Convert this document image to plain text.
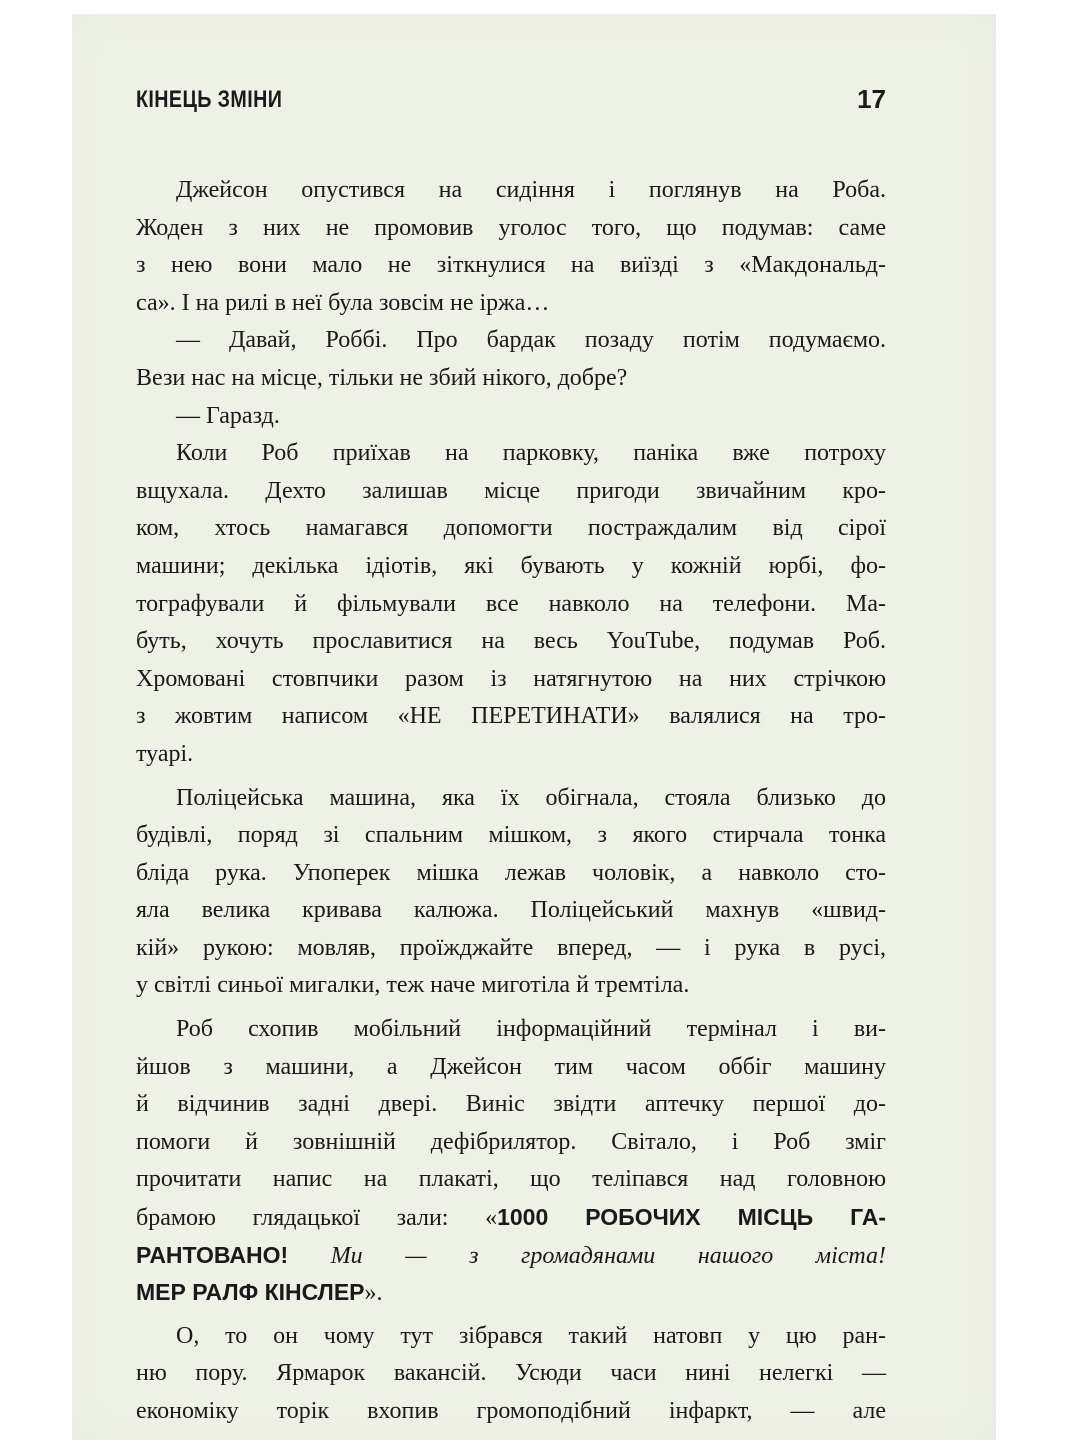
КІНЕЦЬ ЗМІНИ	17
Джейсон опустився на сидіння і поглянув на Роба.
Жоден з них не промовив уголос того, що подумав: саме
з нею вони мало не зіткнулися на виїзді з «Макдональд-
са». І на рилі в неї була зовсім не іржа…
— Давай, Роббі. Про бардак позаду потім подумаємо.
Вези нас на місце, тільки не збий нікого, добре?
— Гаразд.
Коли Роб приїхав на парковку, паніка вже потроху
вщухала. Дехто залишав місце пригоди звичайним кро-
ком, хтось намагався допомогти постраждалим від сірої
машини; декілька ідіотів, які бувають у кожній юрбі, фо-
тографували й фільмували все навколо на телефони. Ма-
буть, хочуть прославитися на весь YouTube, подумав Роб.
Хромовані стовпчики разом із натягнутою на них стрічкою
з жовтим написом «НЕ ПЕРЕТИНАТИ» валялися на тро-
туарі.
Поліцейська машина, яка їх обігнала, стояла близько до
будівлі, поряд зі спальним мішком, з якого стирчала тонка
бліда рука. Упоперек мішка лежав чоловік, а навколо сто-
яла велика кривава калюжа. Поліцейський махнув «швид-
кій» рукою: мовляв, проїжджайте вперед, — і рука в русі,
у світлі синьої мигалки, теж наче миготіла й тремтіла.
Роб схопив мобільний інформаційний термінал і ви-
йшов з машини, а Джейсон тим часом оббіг машину
й відчинив задні двері. Виніс звідти аптечку першої до-
помоги й зовнішній дефібрилятор. Світало, і Роб зміг
прочитати напис на плакаті, що теліпався над головною
брамою глядацької зали: «1000 РОБОЧИХ МІСЦЬ ГА-
РАНТОВАНО! Ми — з громадянами нашого міста!
МЕР РАЛФ КІНСЛЕР».
О, то он чому тут зібрався такий натовп у цю ран-
ню пору. Ярмарок вакансій. Усюди часи нині нелегкі —
економіку торік вхопив громоподібний інфаркт, — але
